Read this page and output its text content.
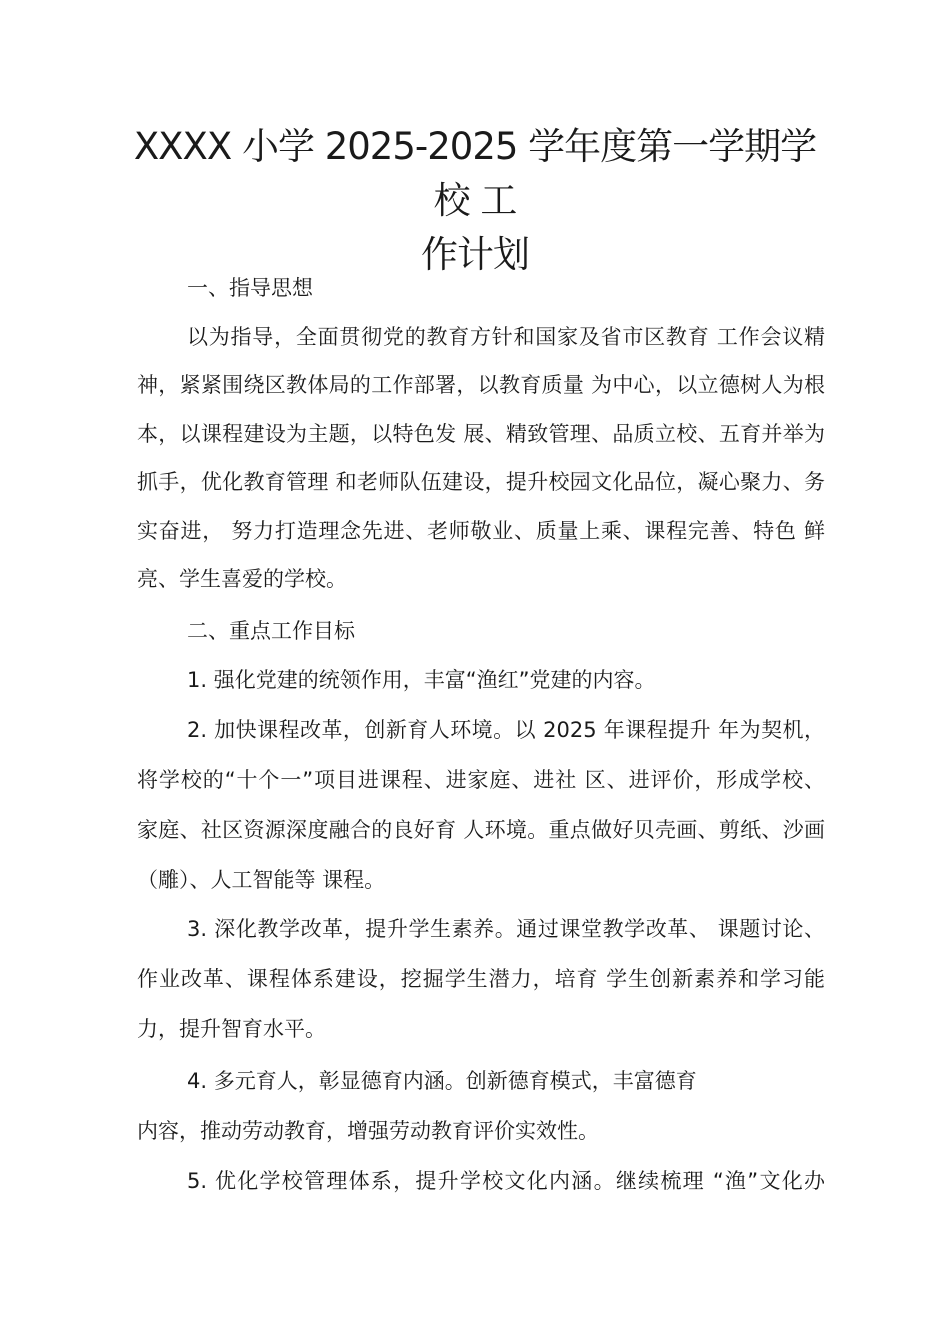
XXXX 小学 2025-2025 学年度第一学期学校 工
作计划
一、指导思想
以为指导，全面贯彻党的教育方针和国家及省市区教育 工作会议精
神，紧紧围绕区教体局的工作部署，以教育质量 为中心，以立德树人为根
本，以课程建设为主题，以特色发 展、精致管理、品质立校、五育并举为
抓手，优化教育管理 和老师队伍建设，提升校园文化品位，凝心聚力、务
实奋进， 努力打造理念先进、老师敬业、质量上乘、课程完善、特色 鲜
亮、学生喜爱的学校。
二、重点工作目标
1. 强化党建的统领作用，丰富“渔红”党建的内容。
2. 加快课程改革，创新育人环境。以 2025 年课程提升 年为契机，
将学校的“十个一”项目进课程、进家庭、进社 区、进评价，形成学校、
家庭、社区资源深度融合的良好育 人环境。重点做好贝壳画、剪纸、沙画
（雕）、人工智能等 课程。
3. 深化教学改革，提升学生素养。通过课堂教学改革、 课题讨论、
作业改革、课程体系建设，挖掘学生潜力，培育 学生创新素养和学习能
力，提升智育水平。
4. 多元育人，彰显德育内涵。创新德育模式，丰富德育
内容，推动劳动教育，增强劳动教育评价实效性。
5. 优化学校管理体系，提升学校文化内涵。继续梳理 “渔”文化办
